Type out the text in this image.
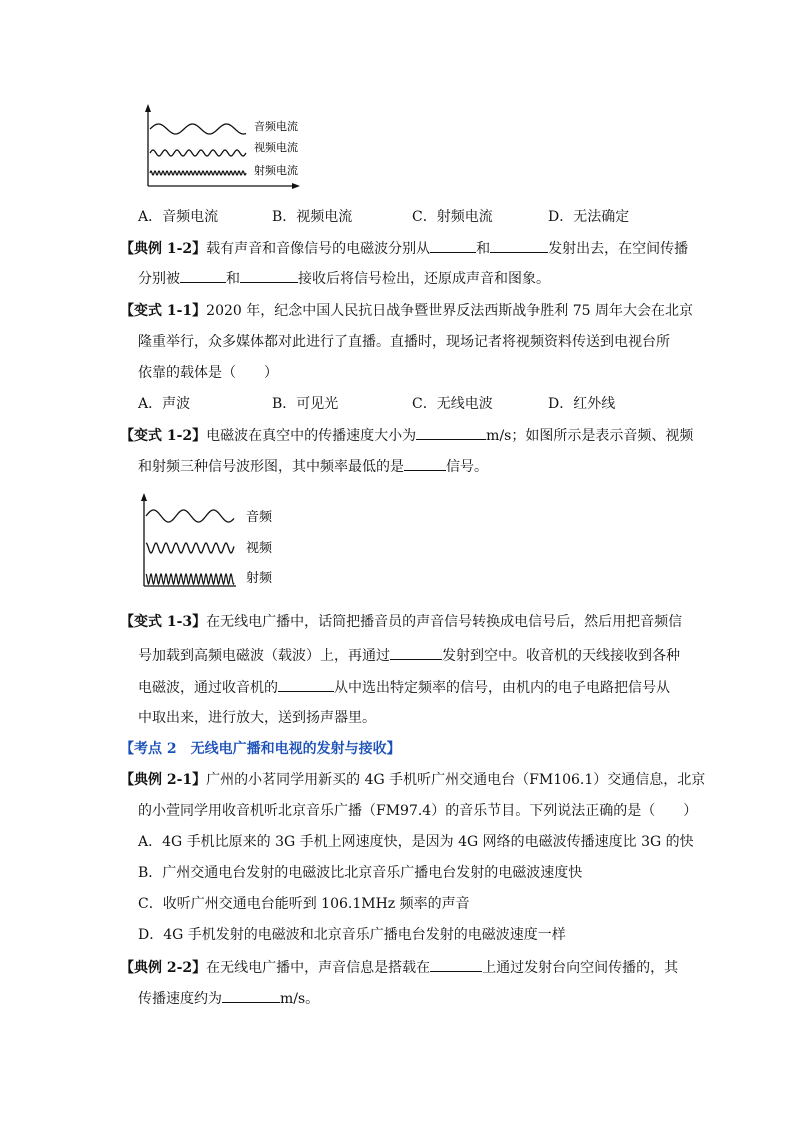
音频电流
视频电流
射频电流
A．音频电流	B．视频电流	C．射频电流	D．无法确定
【典例 1-2】载有声音和音像信号的电磁波分别从	和	发射出去，在空间传播
分别被	和	接收后将信号检出，还原成声音和图象。
【变式 1-1】2020 年，纪念中国人民抗日战争暨世界反法西斯战争胜利 75 周年大会在北京
隆重举行，众多媒体都对此进行了直播。直播时，现场记者将视频资料传送到电视台所
依靠的载体是（　　）
A．声波	B．可见光	C．无线电波	D．红外线
【变式 1-2】电磁波在真空中的传播速度大小为	m/s；如图所示是表示音频、视频
和射频三种信号波形图，其中频率最低的是	信号。
音频
视频
射频
【变式 1-3】在无线电广播中，话筒把播音员的声音信号转换成电信号后，然后用把音频信
号加载到高频电磁波（载波）上，再通过	发射到空中。收音机的天线接收到各种
电磁波，通过收音机的	从中选出特定频率的信号，由机内的电子电路把信号从
中取出来，进行放大，送到扬声器里。
【考点 2　无线电广播和电视的发射与接收】
【典例 2-1】广州的小茗同学用新买的 4G 手机听广州交通电台（FM106.1）交通信息，北京
的小萱同学用收音机听北京音乐广播（FM97.4）的音乐节目。下列说法正确的是（　　）
A．4G 手机比原来的 3G 手机上网速度快，是因为 4G 网络的电磁波传播速度比 3G 的快
B．广州交通电台发射的电磁波比北京音乐广播电台发射的电磁波速度快
C．收听广州交通电台能听到 106.1MHz 频率的声音
D．4G 手机发射的电磁波和北京音乐广播电台发射的电磁波速度一样
【典例 2-2】在无线电广播中，声音信息是搭载在	上通过发射台向空间传播的，其
传播速度约为	m/s。
